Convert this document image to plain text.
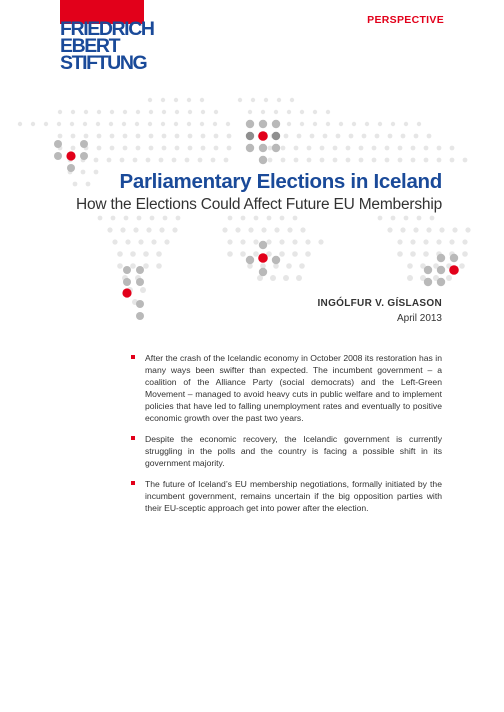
FRIEDRICH
EBERT
STIFTUNG
PERSPECTIVE
Parliamentary Elections in Iceland
How the Elections Could Affect Future EU Membership
INGÓLFUR V. GÍSLASON
April 2013
After the crash of the Icelandic economy in October 2008 its restoration has in many ways been swifter than expected. The incumbent government – a coalition of the Alliance Party (social democrats) and the Left-Green Movement – managed to avoid heavy cuts in public welfare and to implement policies that have led to falling unemployment rates and eventually to positive economic growth over the past two years.
Despite the economic recovery, the Icelandic government is currently struggling in the polls and the country is facing a possible shift in its government majority.
The future of Iceland’s EU membership negotiations, formally initiated by the incumbent government, remains uncertain if the big opposition parties with their EU-sceptic approach get into power after the election.
